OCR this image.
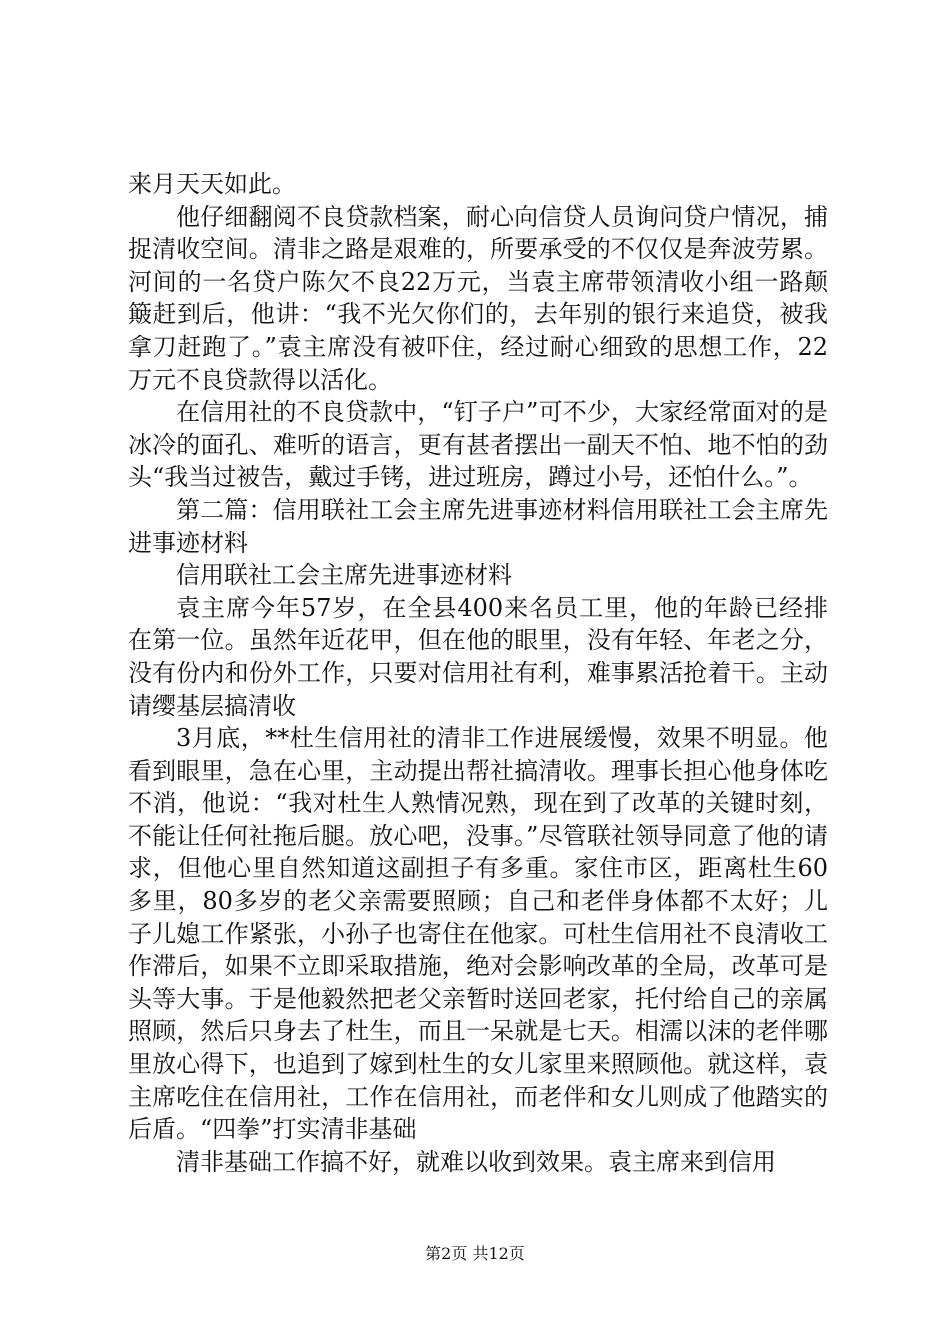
来月天天如此。

他仔细翻阅不良贷款档案，耐心向信贷人员询问贷户情况，捕捉清收空间。清非之路是艰难的，所要承受的不仅仅是奔波劳累。河间的一名贷户陈欠不良22万元，当袁主席带领清收小组一路颠簸赶到后，他讲：“我不光欠你们的，去年别的银行来追贷，被我拿刀赶跑了。”袁主席没有被吓住，经过耐心细致的思想工作，22万元不良贷款得以活化。

在信用社的不良贷款中，“钉子户”可不少，大家经常面对的是冰冷的面孔、难听的语言，更有甚者摆出一副天不怕、地不怕的劲头“我当过被告，戴过手铐，进过班房，蹲过小号，还怕什么。”。

第二篇：信用联社工会主席先进事迹材料信用联社工会主席先进事迹材料

信用联社工会主席先进事迹材料

袁主席今年57岁，在全县400来名员工里，他的年龄已经排在第一位。虽然年近花甲，但在他的眼里，没有年轻、年老之分，没有份内和份外工作，只要对信用社有利，难事累活抢着干。主动请缨基层搞清收

3月底，**杜生信用社的清非工作进展缓慢，效果不明显。他看到眼里，急在心里，主动提出帮社搞清收。理事长担心他身体吃不消，他说：“我对杜生人熟情况熟，现在到了改革的关键时刻，不能让任何社拖后腿。放心吧，没事。”尽管联社领导同意了他的请求，但他心里自然知道这副担子有多重。家住市区，距离杜生60多里，80多岁的老父亲需要照顾；自己和老伴身体都不太好；儿子儿媳工作紧张，小孙子也寄住在他家。可杜生信用社不良清收工作滞后，如果不立即采取措施，绝对会影响改革的全局，改革可是头等大事。于是他毅然把老父亲暂时送回老家，托付给自己的亲属照顾，然后只身去了杜生，而且一呆就是七天。相濡以沫的老伴哪里放心得下，也追到了嫁到杜生的女儿家里来照顾他。就这样，袁主席吃住在信用社，工作在信用社，而老伴和女儿则成了他踏实的后盾。“四拳”打实清非基础

清非基础工作搞不好，就难以收到效果。袁主席来到信用

第2页 共12页
